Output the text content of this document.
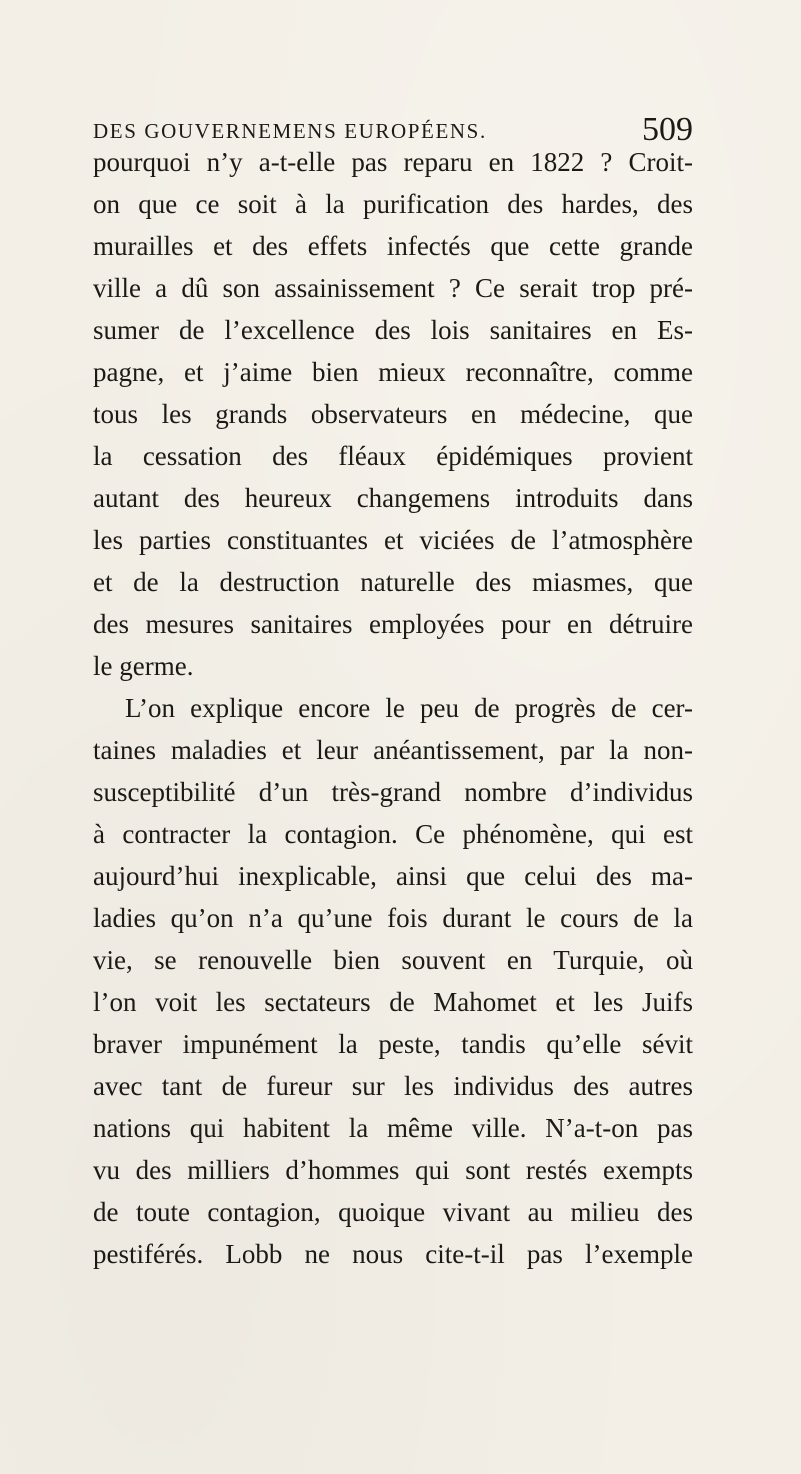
DES GOUVERNEMENS EUROPÉENS.	509
pourquoi n’y a-t-elle pas reparu en 1822 ? Croit-
on que ce soit à la purification des hardes, des
murailles et des effets infectés que cette grande
ville a dû son assainissement ? Ce serait trop pré-
sumer de l’excellence des lois sanitaires en Es-
pagne, et j’aime bien mieux reconnaître, comme
tous les grands observateurs en médecine, que
la cessation des fléaux épidémiques provient
autant des heureux changemens introduits dans
les parties constituantes et viciées de l’atmosphère
et de la destruction naturelle des miasmes, que
des mesures sanitaires employées pour en détruire
le germe.
L’on explique encore le peu de progrès de cer-
taines maladies et leur anéantissement, par la non-
susceptibilité d’un très-grand nombre d’individus
à contracter la contagion. Ce phénomène, qui est
aujourd’hui inexplicable, ainsi que celui des ma-
ladies qu’on n’a qu’une fois durant le cours de la
vie, se renouvelle bien souvent en Turquie, où
l’on voit les sectateurs de Mahomet et les Juifs
braver impunément la peste, tandis qu’elle sévit
avec tant de fureur sur les individus des autres
nations qui habitent la même ville. N’a-t-on pas
vu des milliers d’hommes qui sont restés exempts
de toute contagion, quoique vivant au milieu des
pestiférés. Lobb ne nous cite-t-il pas l’exemple
